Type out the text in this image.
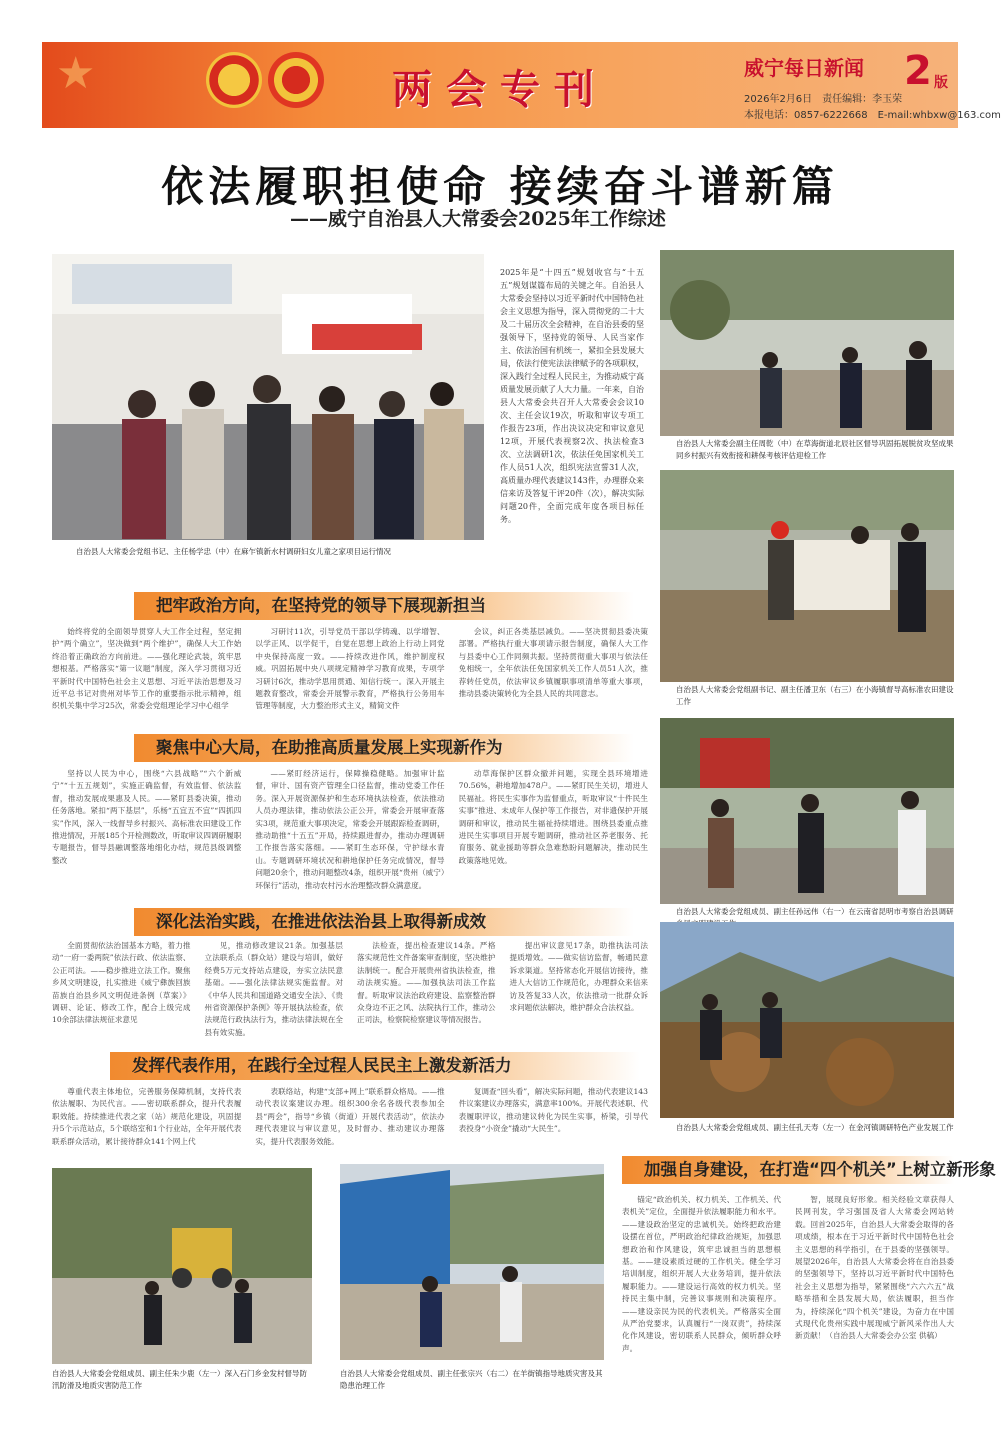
★	两会专刊	威宁每日新闻 2 版
2026年2月6日　责任编辑：李玉荣
本报电话：0857-6222668　E-mail:whbxw@163.com
依法履职担使命 接续奋斗谱新篇
——威宁自治县人大常委会2025年工作综述
自治县人大常委会党组书记、主任杨学忠（中）在麻乍镇新水村调研妇女儿童之家项目运行情况
2025年是“十四五”规划收官与“十五五”规划谋篇布局的关键之年。自治县人大常委会坚持以习近平新时代中国特色社会主义思想为指导，深入贯彻党的二十大及二十届历次全会精神，在自治县委的坚强领导下，坚持党的领导、人民当家作主、依法治国有机统一，紧扣全县发展大局，依法行使宪法法律赋予的各项职权，深入践行全过程人民民主，为推动威宁高质量发展贡献了人大力量。一年来，自治县人大常委会共召开人大常委会会议10次、主任会议19次，听取和审议专项工作报告23项，作出决议决定和审议意见12项，开展代表视察2次、执法检查3次、立法调研1次，依法任免国家机关工作人员51人次，组织宪法宣誓31人次，高质量办理代表建议143件，办理群众来信来访及答复干评20件（次），解决实际问题20件，全面完成年度各项目标任务。
自治县人大常委会副主任周乾（中）在草海街道北辰社区督导巩固拓展脱贫攻坚成果同乡村振兴有效衔接和耕保考核评估迎检工作
自治县人大常委会党组副书记、副主任潘卫东（右三）在小海镇督导高标准农田建设工作
自治县人大常委会党组成员、副主任孙远伟（右一）在云南省昆明市考察自治县调研
自治县人大常委会党组成员、副主任孔天寿（左一）在金河镇调研特色产业发展工作
把牢政治方向，在坚持党的领导下展现新担当

始终将党的全面领导贯穿人大工作全过程，坚定拥护“两个确立”，坚决做到“两个维护”，确保人大工作始终沿着正确政治方向前进。——强化理论武装，筑牢思想根基。严格落实“第一议题”制度，深入学习贯彻习近平新时代中国特色社会主义思想、习近平法治思想及习近平总书记对贵州对毕节工作的重要指示批示精神，组织机关集中学习25次，常委会党组理论学习中心组学

习研讨11次，引导党员干部以学铸魂、以学增智、以学正风、以学促干，自觉在思想上政治上行动上同党中央保持高度一致。——持续改进作风，维护制度权威。巩固拓展中央八项规定精神学习教育成果，专项学习研讨6次，推动学思用贯通、知信行统一。深入开展主题教育整改，常委会开展警示教育，严格执行公务用车管理等制度，大力整治形式主义，精简文件

会议，纠正各类基层减负。——坚决贯彻县委决策部署。严格执行重大事项请示报告制度，确保人大工作与县委中心工作同频共振。坚持贯彻重大事项与依法任免相统一，全年依法任免国家机关工作人员51人次，推荐转任党员，依法审议乡镇履职事项清单等重大事项，推动县委决策转化为全县人民的共同意志。

聚焦中心大局，在助推高质量发展上实现新作为

坚持以人民为中心，围绕“六县战略”“六个新威宁”“十五五规划”，实施正确监督，有效监督、依法监督，推动发展成果惠及人民。——紧盯县委决策，推动任务落地。紧扣“两下基层”，乐杨“五宜五不宜”“四抓四实”作风，深入一线督导乡村振兴、高标准农田建设工作推进情况，开展185个开检测数改，听取审议四调研履职专题报告，督导县融调整落地细化办结，规范县级调整整改

——紧盯经济运行，保障操稳健略。加强审计监督，审计、国有资产管理全口径监督，推动党委工作任务。深入开展资源保护和生态环境执法检查，依法推动人员办理法律，推动依法公正公开，常委会开展审查落实3项，规范重大事项决定，常委会开展跟踪检查调研，推动助推“十五五”开局，持续跟进督办，推动办理调研工作报告落实落细。——紧盯生态环保，守护绿水青山。专题调研环境状况和耕地保护任务完成情况，督导问题20余个，推动问题整改4条，组织开展“贵州（威宁）环保行”活动，推动农村污水治理整改群众满意度。

动草海保护区群众撤并问题，实现全县环境增进70.56%，耕地增加478户。——紧盯民生关切，增进人民福祉。将民生实事作为监督重点，听取审议“十件民生实事”推进、未成年人保护等工作报告，对非遗保护开展调研和审议，推动民生福祉持续增进。围绕县委重点推进民生实事项目开展专题调研，推动社区养老服务、托育服务、就业援助等群众急难愁盼问题解决，推动民生政策落地见效。

深化法治实践，在推进依法治县上取得新成效

全面贯彻依法治国基本方略，着力推动“一府一委两院”依法行政、依法监察、公正司法。——稳步推进立法工作。聚焦乡风文明建设，扎实推进《威宁彝族回族苗族自治县乡风文明促进条例（草案）》调研、论证、修改工作，配合上级完成10余部法律法规征求意见

见，推动修改建议21条。加强基层立法联系点（群众站）建设与培训，做好经费5万元支持站点建设，夯实立法民意基础。——强化法律法规实施监督。对《中华人民共和国道路交通安全法》、《贵州省资源保护条例》等开展执法检查，依法规范行政执法行为，推动法律法规在全县有效实施。

法检查，提出检查建议14条。严格落实规范性文件备案审查制度，坚决维护法制统一。配合开展贵州省执法检查，推动法规实施。——加强执法司法工作监督。听取审议法治政府建设、监察整治群众身边不正之风、法院执行工作，推动公正司法，检察院检察建议等情况报告。

提出审议意见17条，助推执法司法提质增效。——做实信访监督，畅通民意诉求渠道。坚持常态化开展信访接待，推进人大信访工作规范化，办理群众来信来访及答复33人次，依法推动一批群众诉求问题依法解决，维护群众合法权益。

发挥代表作用，在践行全过程人民民主上激发新活力

尊重代表主体地位，完善服务保障机制，支持代表依法履职、为民代言。——密切联系群众，提升代表履职效能。持续推进代表之家（站）规范化建设，巩固提升5个示范站点，5个联络室和1个行业站，全年开展代表联系群众活动，累计接待群众141个网上代

表联络站，构建“支部+网上”联系群众格局。——推动代表议案建议办理。组织300余名各级代表参加全县“两会”，指导“乡镇（街道）开展代表活动”，依法办理代表建议与审议意见，及时督办、推动建议办理落实，提升代表服务效能。

复调查“回头看”，解决实际问题，推动代表建议143件议案建议办理落实，满意率100%。开展代表述职、代表履职评议，推动建议转化为民生实事，桥梁，引导代表投身“小资金”撬动“大民生”。

自治县人大常委会党组成员、副主任朱少鹿（左一）深入石门乡金发村督导防汛防滑及地质灾害防范工作
自治县人大常委会党组成员、副主任张宗兴（右二）在羊街镇指导地质灾害及其隐患治理工作
加强自身建设，在打造“四个机关”上树立新形象

锚定“政治机关、权力机关、工作机关、代表机关”定位，全面提升依法履职能力和水平。——建设政治坚定的忠诚机关。始终把政治建设摆在首位，严明政治纪律政治规矩，加强思想政治和作风建设，筑牢忠诚担当的思想根基。——建设素质过硬的工作机关。健全学习培训制度，组织开展人大业务培训，提升依法履职能力。——建设运行高效的权力机关。坚持民主集中制，完善议事规则和决策程序。——建设亲民为民的代表机关。严格落实全面从严治党要求，认真履行“一岗双责”，持续深化作风建设，密切联系人民群众，倾听群众呼声。

智，展现良好形象。相关经验文章获得人民网刊发，学习强国及省人大常委会网站转载。回首2025年，自治县人大常委会取得的各项成绩，根本在于习近平新时代中国特色社会主义思想的科学指引，在于县委的坚强领导。展望2026年，自治县人大常委会将在自治县委的坚强领导下，坚持以习近平新时代中国特色社会主义思想为指导，紧紧围绕“六六六五”战略举措和全县发展大局，依法履职，担当作为，持续深化“四个机关”建设，为奋力在中国式现代化贵州实践中展现威宁新风采作出人大新贡献！（自治县人大常委会办公室 供稿）
